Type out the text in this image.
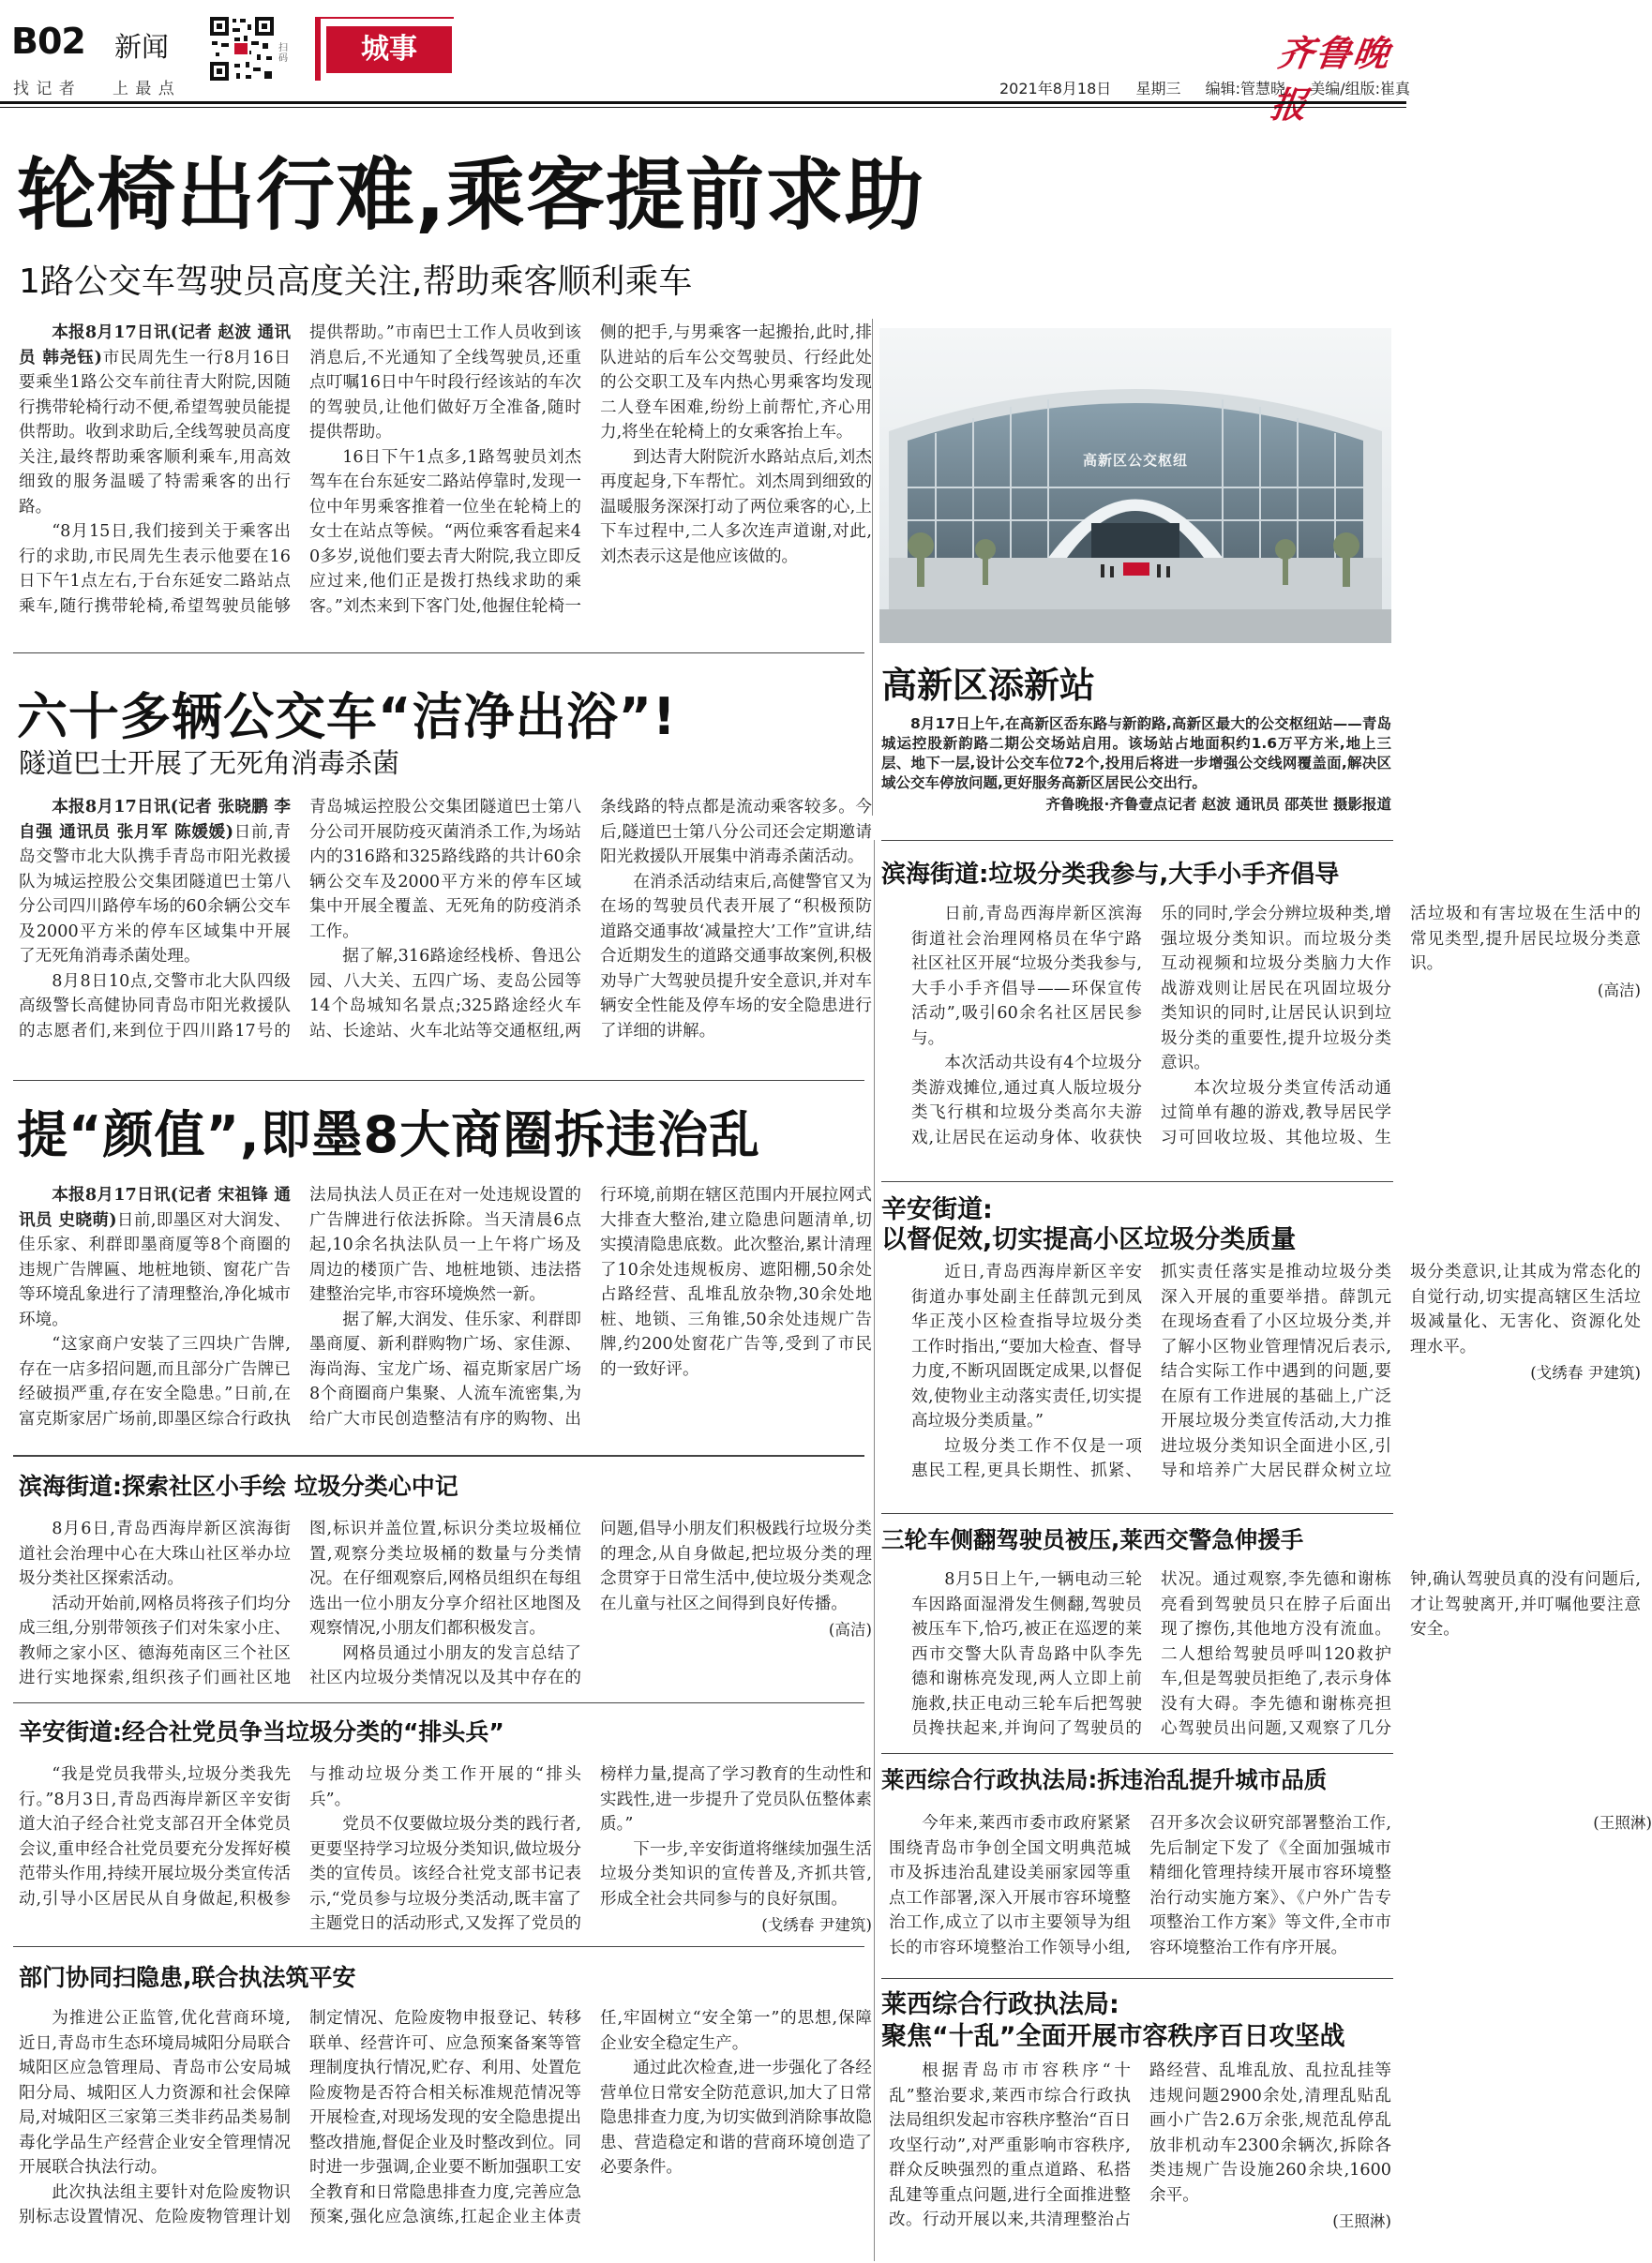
B02 新闻
找 记 者 上 最 点
扫码	城事	齐鲁晚报
2021年8月18日 星期三 编辑:管慧晓 美编/组版:崔真
轮椅出行难,乘客提前求助
1路公交车驾驶员高度关注,帮助乘客顺利乘车
本报8月17日讯(记者 赵波 通讯员 韩尧钰)市民周先生一行8月16日要乘坐1路公交车前往青大附院,因随行携带轮椅行动不便,希望驾驶员能提供帮助。收到求助后,全线驾驶员高度关注,最终帮助乘客顺利乘车,用高效细致的服务温暖了特需乘客的出行路。
“8月15日,我们接到关于乘客出行的求助,市民周先生表示他要在16日下午1点左右,于台东延安二路站点乘车,随行携带轮椅,希望驾驶员能够提供帮助。”市南巴士工作人员收到该消息后,不光通知了全线驾驶员,还重点叮嘱16日中午时段行经该站的车次的驾驶员,让他们做好万全准备,随时提供帮助。
16日下午1点多,1路驾驶员刘杰驾车在台东延安二路站停靠时,发现一位中年男乘客推着一位坐在轮椅上的女士在站点等候。“两位乘客看起来40多岁,说他们要去青大附院,我立即反应过来,他们正是拨打热线求助的乘客。”刘杰来到下客门处,他握住轮椅一侧的把手,与男乘客一起搬抬,此时,排队进站的后车公交驾驶员、行经此处的公交职工及车内热心男乘客均发现二人登车困难,纷纷上前帮忙,齐心用力,将坐在轮椅上的女乘客抬上车。
到达青大附院沂水路站点后,刘杰再度起身,下车帮忙。刘杰周到细致的温暖服务深深打动了两位乘客的心,上下车过程中,二人多次连声道谢,对此,刘杰表示这是他应该做的。
高新区公交枢纽
高新区添新站
8月17日上午,在高新区岙东路与新韵路,高新区最大的公交枢纽站——青岛城运控股新韵路二期公交场站启用。该场站占地面积约1.6万平方米,地上三层、地下一层,设计公交车位72个,投用后将进一步增强公交线网覆盖面,解决区域公交车停放问题,更好服务高新区居民公交出行。
齐鲁晚报·齐鲁壹点记者 赵波 通讯员 邵英世 摄影报道
六十多辆公交车“洁净出浴”!
隧道巴士开展了无死角消毒杀菌
本报8月17日讯(记者 张晓鹏 李自强 通讯员 张月军 陈媛媛)日前,青岛交警市北大队携手青岛市阳光救援队为城运控股公交集团隧道巴士第八分公司四川路停车场的60余辆公交车及2000平方米的停车区域集中开展了无死角消毒杀菌处理。
8月8日10点,交警市北大队四级高级警长高健协同青岛市阳光救援队的志愿者们,来到位于四川路17号的青岛城运控股公交集团隧道巴士第八分公司开展防疫灭菌消杀工作,为场站内的316路和325路线路的共计60余辆公交车及2000平方米的停车区域集中开展全覆盖、无死角的防疫消杀工作。
据了解,316路途经栈桥、鲁迅公园、八大关、五四广场、麦岛公园等14个岛城知名景点;325路途经火车站、长途站、火车北站等交通枢纽,两条线路的特点都是流动乘客较多。今后,隧道巴士第八分公司还会定期邀请阳光救援队开展集中消毒杀菌活动。
在消杀活动结束后,高健警官又为在场的驾驶员代表开展了“积极预防道路交通事故‘减量控大’工作”宣讲,结合近期发生的道路交通事故案例,积极劝导广大驾驶员提升安全意识,并对车辆安全性能及停车场的安全隐患进行了详细的讲解。
提“颜值”,即墨8大商圈拆违治乱
本报8月17日讯(记者 宋祖锋 通讯员 史晓萌)日前,即墨区对大润发、佳乐家、利群即墨商厦等8个商圈的违规广告牌匾、地桩地锁、窗花广告等环境乱象进行了清理整治,净化城市环境。
“这家商户安装了三四块广告牌,存在一店多招问题,而且部分广告牌已经破损严重,存在安全隐患。”日前,在富克斯家居广场前,即墨区综合行政执法局执法人员正在对一处违规设置的广告牌进行依法拆除。当天清晨6点起,10余名执法队员一上午将广场及周边的楼顶广告、地桩地锁、违法搭建整治完毕,市容环境焕然一新。
据了解,大润发、佳乐家、利群即墨商厦、新利群购物广场、家佳源、海尚海、宝龙广场、福克斯家居广场8个商圈商户集聚、人流车流密集,为给广大市民创造整洁有序的购物、出行环境,前期在辖区范围内开展拉网式大排查大整治,建立隐患问题清单,切实摸清隐患底数。此次整治,累计清理了10余处违规板房、遮阳棚,50余处占路经营、乱堆乱放杂物,30余处地桩、地锁、三角锥,50余处违规广告牌,约200处窗花广告等,受到了市民的一致好评。
滨海街道:垃圾分类我参与,大手小手齐倡导
日前,青岛西海岸新区滨海街道社会治理网格员在华宁路社区社区开展“垃圾分类我参与,大手小手齐倡导——环保宣传活动”,吸引60余名社区居民参与。
本次活动共设有4个垃圾分类游戏摊位,通过真人版垃圾分类飞行棋和垃圾分类高尔夫游戏,让居民在运动身体、收获快乐的同时,学会分辨垃圾种类,增强垃圾分类知识。而垃圾分类互动视频和垃圾分类脑力大作战游戏则让居民在巩固垃圾分类知识的同时,让居民认识到垃圾分类的重要性,提升垃圾分类意识。
本次垃圾分类宣传活动通过简单有趣的游戏,教导居民学习可回收垃圾、其他垃圾、生活垃圾和有害垃圾在生活中的常见类型,提升居民垃圾分类意识。
(高洁)
辛安街道:
以督促效,切实提高小区垃圾分类质量
近日,青岛西海岸新区辛安街道办事处副主任薛凯元到凤华正茂小区检查指导垃圾分类工作时指出,“要加大检查、督导力度,不断巩固既定成果,以督促效,使物业主动落实责任,切实提高垃圾分类质量。”
垃圾分类工作不仅是一项惠民工程,更具长期性、抓紧、抓实责任落实是推动垃圾分类深入开展的重要举措。薛凯元在现场查看了小区垃圾分类,并了解小区物业管理情况后表示,结合实际工作中遇到的问题,要在原有工作进展的基础上,广泛开展垃圾分类宣传活动,大力推进垃圾分类知识全面进小区,引导和培养广大居民群众树立垃圾分类意识,让其成为常态化的自觉行动,切实提高辖区生活垃圾减量化、无害化、资源化处理水平。
(戈绣春 尹建筑)
三轮车侧翻驾驶员被压,莱西交警急伸援手
8月5日上午,一辆电动三轮车因路面湿滑发生侧翻,驾驶员被压车下,恰巧,被正在巡逻的莱西市交警大队青岛路中队李先德和谢栋亮发现,两人立即上前施救,扶正电动三轮车后把驾驶员搀扶起来,并询问了驾驶员的状况。通过观察,李先德和谢栋亮看到驾驶员只在脖子后面出现了擦伤,其他地方没有流血。二人想给驾驶员呼叫120救护车,但是驾驶员拒绝了,表示身体没有大碍。李先德和谢栋亮担心驾驶员出问题,又观察了几分钟,确认驾驶员真的没有问题后,才让驾驶离开,并叮嘱他要注意安全。
莱西综合行政执法局:拆违治乱提升城市品质
今年来,莱西市委市政府紧紧围绕青岛市争创全国文明典范城市及拆违治乱建设美丽家园等重点工作部署,深入开展市容环境整治工作,成立了以市主要领导为组长的市容环境整治工作领导小组,召开多次会议研究部署整治工作,先后制定下发了《全面加强城市精细化管理持续开展市容环境整治行动实施方案》、《户外广告专项整治工作方案》等文件,全市市容环境整治工作有序开展。
(王照淋)
莱西综合行政执法局:
聚焦“十乱”全面开展市容秩序百日攻坚战
根据青岛市市容秩序“十乱”整治要求,莱西市综合行政执法局组织发起市容秩序整治“百日攻坚行动”,对严重影响市容秩序,群众反映强烈的重点道路、私搭乱建等重点问题,进行全面推进整改。行动开展以来,共清理整治占路经营、乱堆乱放、乱拉乱挂等违规问题2900余处,清理乱贴乱画小广告2.6万余张,规范乱停乱放非机动车2300余辆次,拆除各类违规广告设施260余块,1600余平。
(王照淋)
滨海街道:探索社区小手绘 垃圾分类心中记
8月6日,青岛西海岸新区滨海街道社会治理中心在大珠山社区举办垃圾分类社区探索活动。
活动开始前,网格员将孩子们均分成三组,分别带领孩子们对朱家小庄、教师之家小区、德海苑南区三个社区进行实地探索,组织孩子们画社区地图,标识并盖位置,标识分类垃圾桶位置,观察分类垃圾桶的数量与分类情况。在仔细观察后,网格员组织在每组选出一位小朋友分享介绍社区地图及观察情况,小朋友们都积极发言。
网格员通过小朋友的发言总结了社区内垃圾分类情况以及其中存在的问题,倡导小朋友们积极践行垃圾分类的理念,从自身做起,把垃圾分类的理念贯穿于日常生活中,使垃圾分类观念在儿童与社区之间得到良好传播。
(高洁)
辛安街道:经合社党员争当垃圾分类的“排头兵”
“我是党员我带头,垃圾分类我先行。”8月3日,青岛西海岸新区辛安街道大泊子经合社党支部召开全体党员会议,重申经合社党员要充分发挥好模范带头作用,持续开展垃圾分类宣传活动,引导小区居民从自身做起,积极参与推动垃圾分类工作开展的“排头兵”。
党员不仅要做垃圾分类的践行者,更要坚持学习垃圾分类知识,做垃圾分类的宣传员。该经合社党支部书记表示,“党员参与垃圾分类活动,既丰富了主题党日的活动形式,又发挥了党员的榜样力量,提高了学习教育的生动性和实践性,进一步提升了党员队伍整体素质。”
下一步,辛安街道将继续加强生活垃圾分类知识的宣传普及,齐抓共管,形成全社会共同参与的良好氛围。
(戈绣春 尹建筑)
部门协同扫隐患,联合执法筑平安
为推进公正监管,优化营商环境,近日,青岛市生态环境局城阳分局联合城阳区应急管理局、青岛市公安局城阳分局、城阳区人力资源和社会保障局,对城阳区三家第三类非药品类易制毒化学品生产经营企业安全管理情况开展联合执法行动。
此次执法组主要针对危险废物识别标志设置情况、危险废物管理计划制定情况、危险废物申报登记、转移联单、经营许可、应急预案备案等管理制度执行情况,贮存、利用、处置危险废物是否符合相关标准规范情况等开展检查,对现场发现的安全隐患提出整改措施,督促企业及时整改到位。同时进一步强调,企业要不断加强职工安全教育和日常隐患排查力度,完善应急预案,强化应急演练,扛起企业主体责任,牢固树立“安全第一”的思想,保障企业安全稳定生产。
通过此次检查,进一步强化了各经营单位日常安全防范意识,加大了日常隐患排查力度,为切实做到消除事故隐患、营造稳定和谐的营商环境创造了必要条件。
